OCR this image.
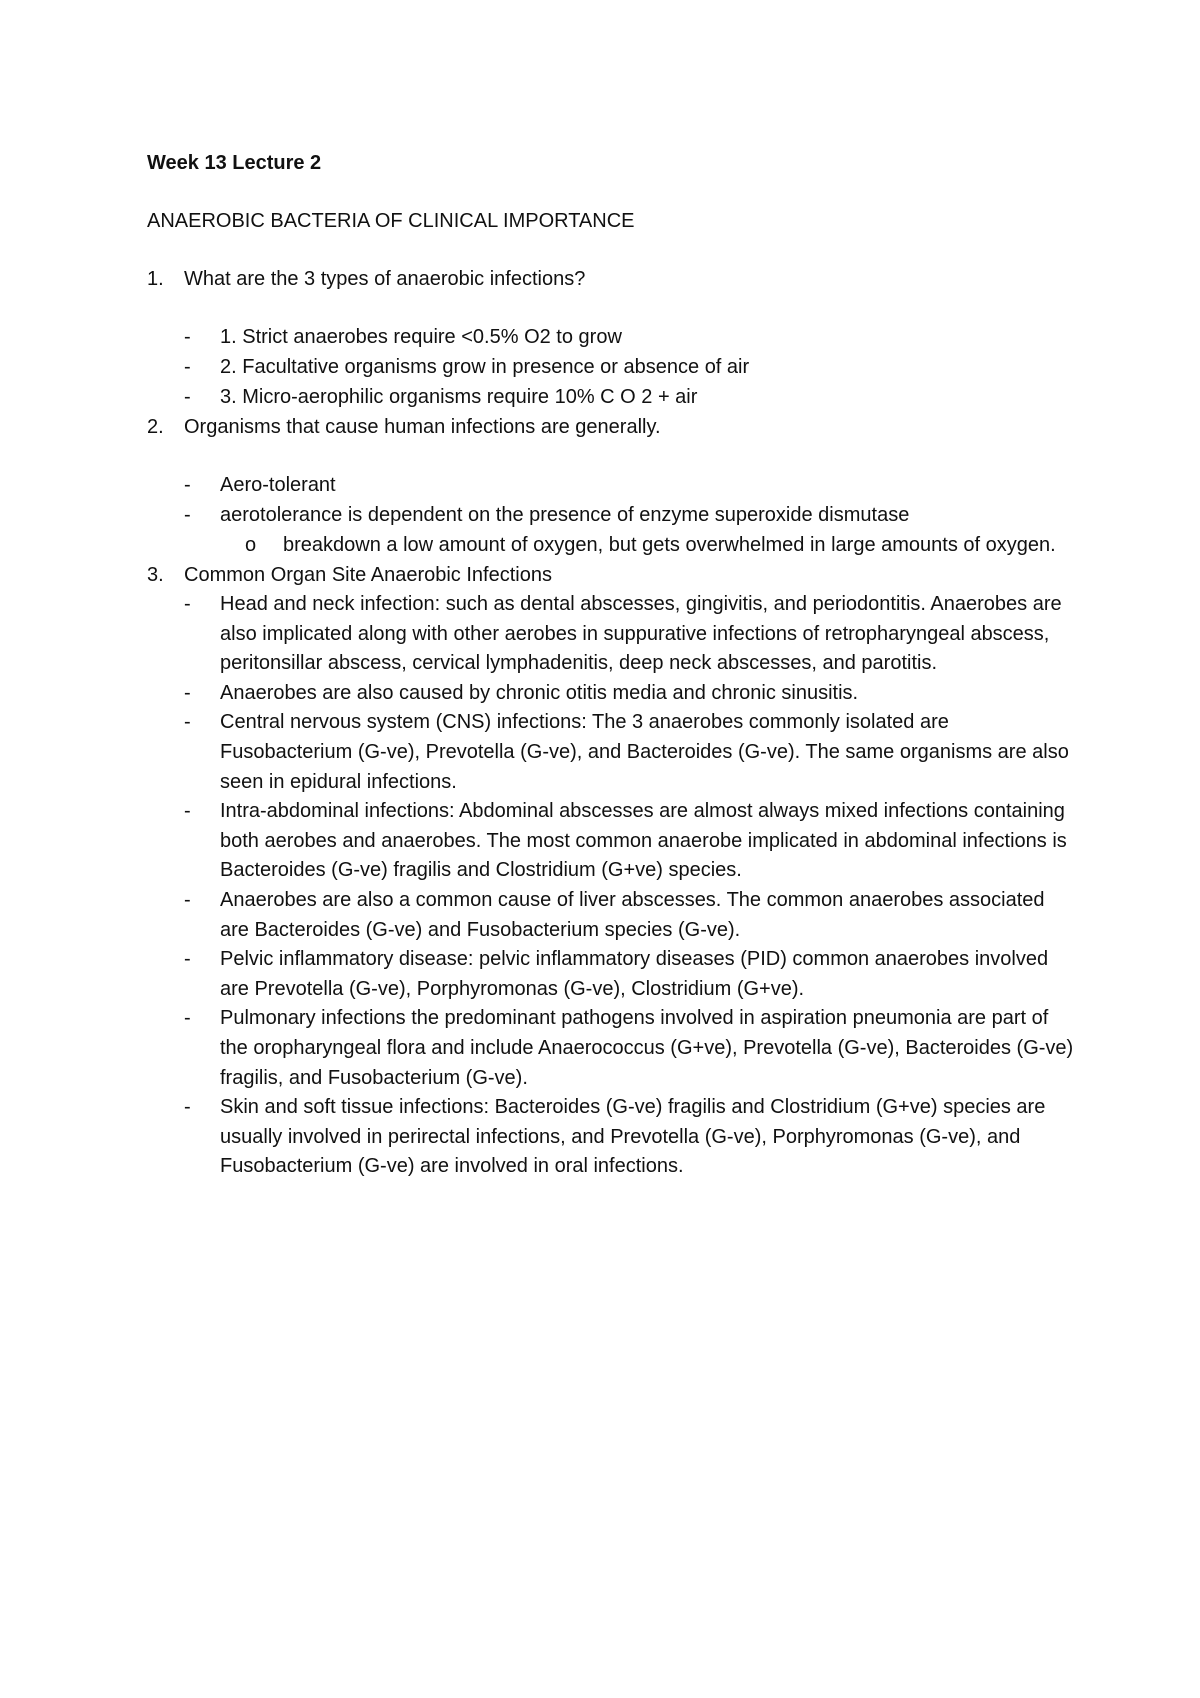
Week 13 Lecture 2
ANAEROBIC BACTERIA OF CLINICAL IMPORTANCE
1. What are the 3 types of anaerobic infections?
- 1. Strict anaerobes require <0.5% O2 to grow
- 2. Facultative organisms grow in presence or absence of air
- 3. Micro-aerophilic organisms require 10% C O 2 + air
2. Organisms that cause human infections are generally.
- Aero-tolerant
- aerotolerance is dependent on the presence of enzyme superoxide dismutase
o breakdown a low amount of oxygen, but gets overwhelmed in large amounts of oxygen.
3. Common Organ Site Anaerobic Infections
- Head and neck infection: such as dental abscesses, gingivitis, and periodontitis. Anaerobes are also implicated along with other aerobes in suppurative infections of retropharyngeal abscess, peritonsillar abscess, cervical lymphadenitis, deep neck abscesses, and parotitis.
- Anaerobes are also caused by chronic otitis media and chronic sinusitis.
- Central nervous system (CNS) infections: The 3 anaerobes commonly isolated are Fusobacterium (G-ve), Prevotella (G-ve), and Bacteroides (G-ve). The same organisms are also seen in epidural infections.
- Intra-abdominal infections: Abdominal abscesses are almost always mixed infections containing both aerobes and anaerobes. The most common anaerobe implicated in abdominal infections is Bacteroides (G-ve) fragilis and Clostridium (G+ve) species.
- Anaerobes are also a common cause of liver abscesses. The common anaerobes associated are Bacteroides (G-ve) and Fusobacterium species (G-ve).
- Pelvic inflammatory disease: pelvic inflammatory diseases (PID) common anaerobes involved are Prevotella (G-ve), Porphyromonas (G-ve), Clostridium (G+ve).
- Pulmonary infections the predominant pathogens involved in aspiration pneumonia are part of the oropharyngeal flora and include Anaerococcus (G+ve), Prevotella (G-ve), Bacteroides (G-ve) fragilis, and Fusobacterium (G-ve).
- Skin and soft tissue infections: Bacteroides (G-ve) fragilis and Clostridium (G+ve) species are usually involved in perirectal infections, and Prevotella (G-ve), Porphyromonas (G-ve), and Fusobacterium (G-ve) are involved in oral infections.
